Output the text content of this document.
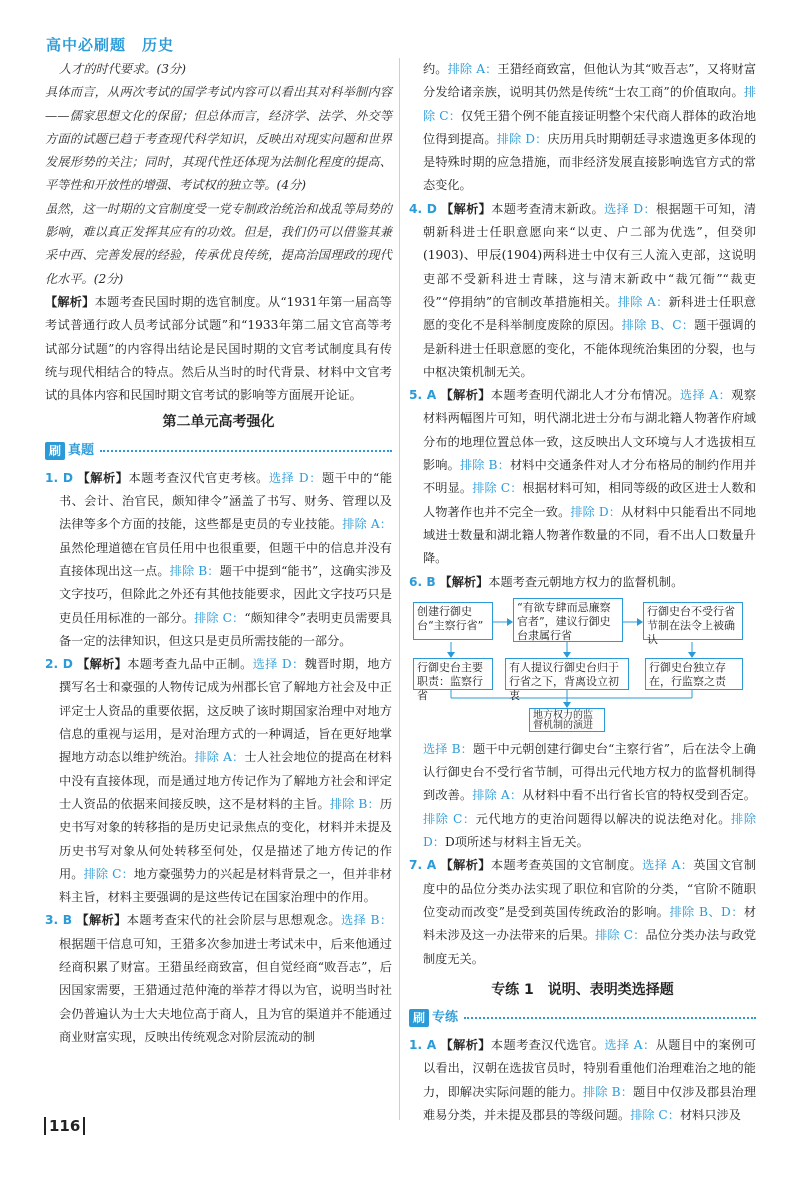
高中必刷题　历史

人才的时代要求。(3分)

具体而言，从两次考试的国学考试内容可以看出其对科举制内容——儒家思想文化的保留；但总体而言，经济学、法学、外交等方面的试题已趋于考查现代科学知识，反映出对现实问题和世界发展形势的关注；同时，其现代性还体现为法制化程度的提高、平等性和开放性的增强、考试权的独立等。(4分)

虽然，这一时期的文官制度受一党专制政治统治和战乱等局势的影响，难以真正发挥其应有的功效。但是，我们仍可以借鉴其兼采中西、完善发展的经验，传承优良传统，提高治国理政的现代化水平。(2分)

【解析】本题考查民国时期的选官制度。从“1931年第一届高等考试普通行政人员考试部分试题”和“1933年第二届文官高等考试部分试题”的内容得出结论是民国时期的文官考试制度具有传统与现代相结合的特点。然后从当时的时代背景、材料中文官考试的具体内容和民国时期文官考试的影响等方面展开论证。

第二单元高考强化
刷 真题

1. D 【解析】本题考查汉代官吏考核。选择 D：题干中的“能书、会计、治官民，颇知律令”涵盖了书写、财务、管理以及法律等多个方面的技能，这些都是吏员的专业技能。排除 A：虽然伦理道德在官员任用中也很重要，但题干中的信息并没有直接体现出这一点。排除 B：题干中提到“能书”，这确实涉及文字技巧，但除此之外还有其他技能要求，因此文字技巧只是吏员任用标准的一部分。排除 C：“颇知律令”表明吏员需要具备一定的法律知识，但这只是吏员所需技能的一部分。

2. D 【解析】本题考查九品中正制。选择 D：魏晋时期，地方撰写名士和豪强的人物传记成为州郡长官了解地方社会及中正评定士人资品的重要依据，这反映了该时期国家治理中对地方信息的重视与运用，是对治理方式的一种调适，旨在更好地掌握地方动态以维护统治。排除 A：士人社会地位的提高在材料中没有直接体现，而是通过地方传记作为了解地方社会和评定士人资品的依据来间接反映，这不是材料的主旨。排除 B：历史书写对象的转移指的是历史记录焦点的变化，材料并未提及历史书写对象从何处转移至何处，仅是描述了地方传记的作用。排除 C：地方豪强势力的兴起是材料背景之一，但并非材料主旨，材料主要强调的是这些传记在国家治理中的作用。

3. B 【解析】本题考查宋代的社会阶层与思想观念。选择 B：根据题干信息可知，王猎多次参加进士考试未中，后来他通过经商积累了财富。王猎虽经商致富，但自觉经商“败吾志”，后因国家需要，王猎通过范仲淹的举荐才得以为官，说明当时社会仍普遍认为士大夫地位高于商人，且为官的渠道并不能通过商业财富实现，反映出传统观念对阶层流动的制

约。排除 A：王猎经商致富，但他认为其“败吾志”，又将财富分发给诸亲族，说明其仍然是传统“士农工商”的价值取向。排除 C：仅凭王猎个例不能直接证明整个宋代商人群体的政治地位得到提高。排除 D：庆历用兵时期朝廷寻求遗逸更多体现的是特殊时期的应急措施，而非经济发展直接影响选官方式的常态变化。

4. D 【解析】本题考查清末新政。选择 D：根据题干可知，清朝新科进士任职意愿向来“以吏、户二部为优选”，但癸卯(1903)、甲辰(1904)两科进士中仅有三人流入吏部，这说明吏部不受新科进士青睐，这与清末新政中“裁冗衙”“裁吏役”“停捐纳”的官制改革措施相关。排除 A：新科进士任职意愿的变化不是科举制度废除的原因。排除 B、C：题干强调的是新科进士任职意愿的变化，不能体现统治集团的分裂，也与中枢决策机制无关。

5. A 【解析】本题考查明代湖北人才分布情况。选择 A：观察材料两幅图片可知，明代湖北进士分布与湖北籍人物著作府域分布的地理位置总体一致，这反映出人文环境与人才选拔相互影响。排除 B：材料中交通条件对人才分布格局的制约作用并不明显。排除 C：根据材料可知，相同等级的政区进士人数和人物著作也并不完全一致。排除 D：从材料中只能看出不同地域进士数量和湖北籍人物著作数量的不同，看不出人口数量升降。

6. B 【解析】本题考查元朝地方权力的监督机制。

创建行御史台“主察行省”
“有欲专肆而忌廉察官者”，建议行御史台隶属行省
行御史台不受行省节制在法令上被确认
行御史台主要职责：监察行省
有人提议行御史台归于行省之下，背离设立初衷
行御史台独立存在，行监察之责
地方权力的监督机制的演进

选择 B：题干中元朝创建行御史台“主察行省”，后在法令上确认行御史台不受行省节制，可得出元代地方权力的监督机制得到改善。排除 A：从材料中看不出行省长官的特权受到否定。排除 C：元代地方的吏治问题得以解决的说法绝对化。排除 D：D项所述与材料主旨无关。

7. A 【解析】本题考查英国的文官制度。选择 A：英国文官制度中的品位分类办法实现了职位和官阶的分类，“官阶不随职位变动而改变”是受到英国传统政治的影响。排除 B、D：材料未涉及这一办法带来的后果。排除 C：品位分类办法与政党制度无关。

专练 1　说明、表明类选择题
刷 专练

1. A 【解析】本题考查汉代选官。选择 A：从题目中的案例可以看出，汉朝在选拔官员时，特别看重他们治理难治之地的能力，即解决实际问题的能力。排除 B：题目中仅涉及郡县治理难易分类，并未提及郡县的等级问题。排除 C：材料只涉及

116
